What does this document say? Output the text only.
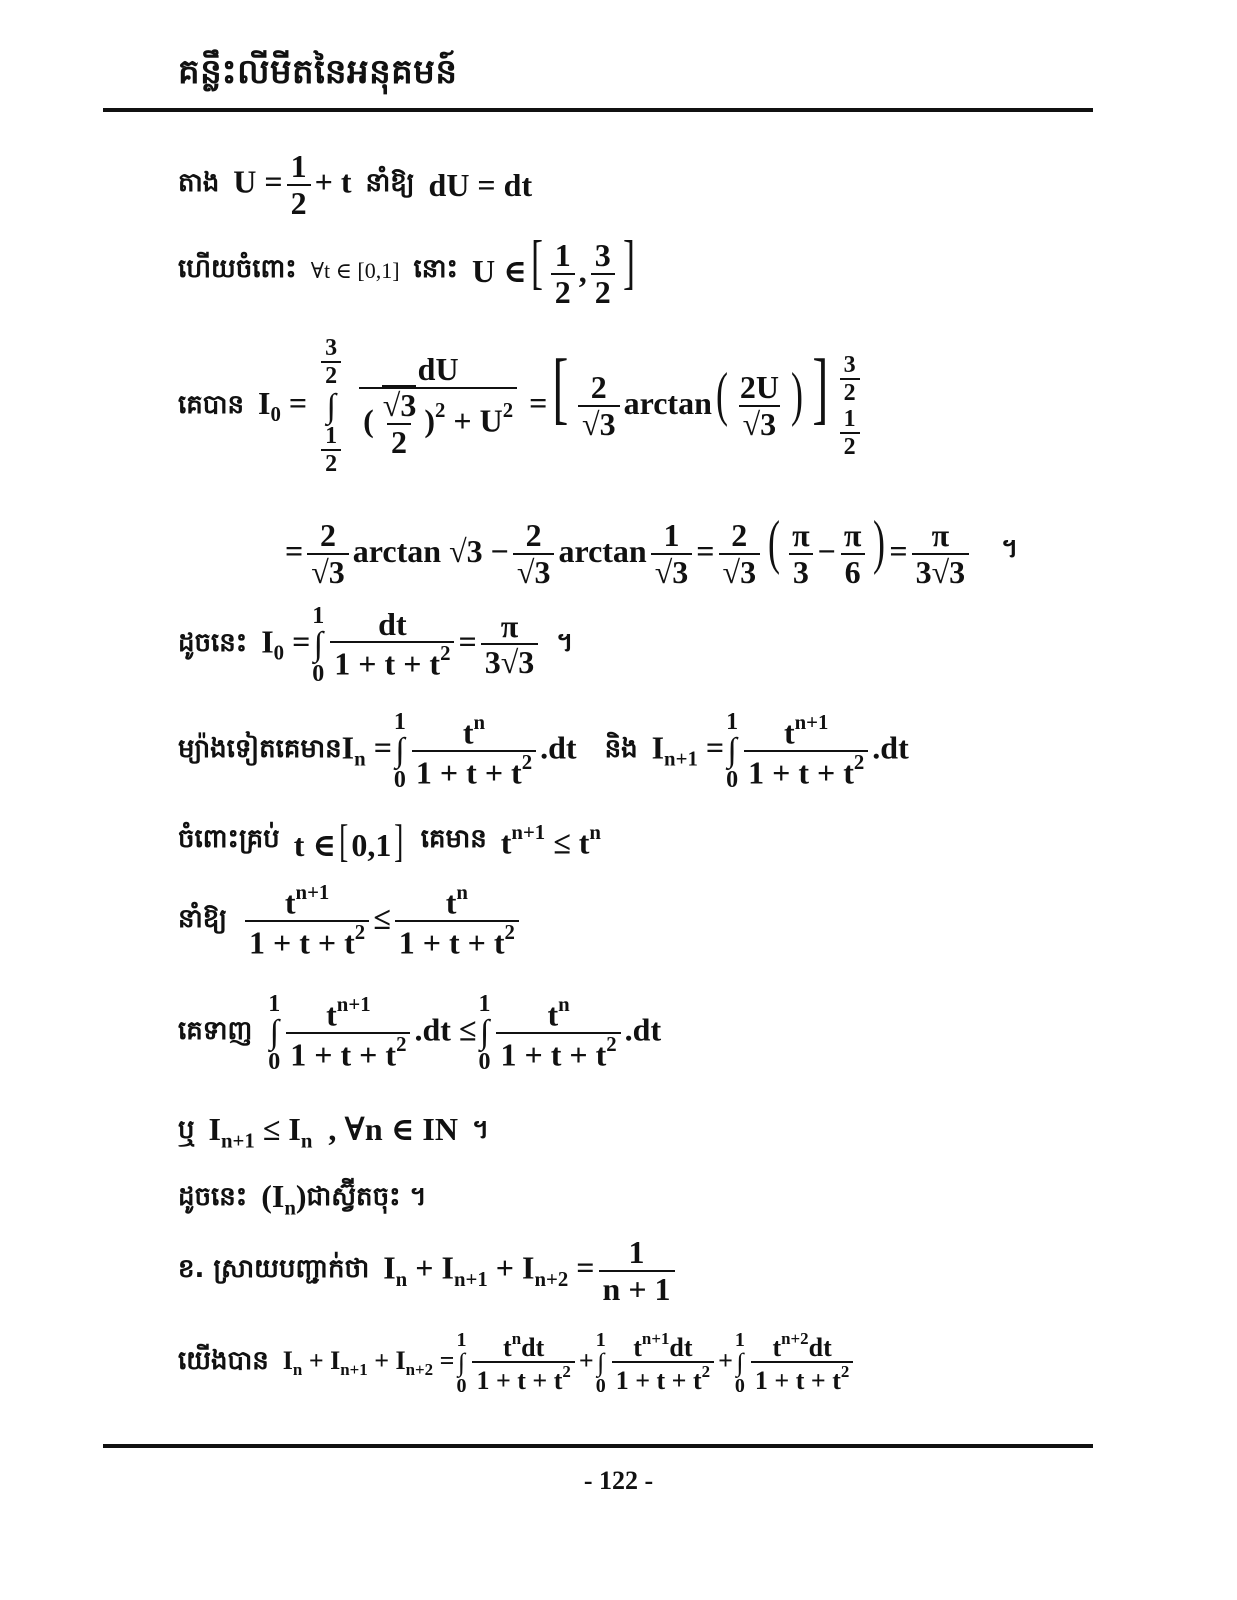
គន្លឹះលីមីតនៃអនុគមន៍
តាង $U = \frac{1}{2} + t$ នាំឱ្យ dU = dt
ហើយចំពោះ ∀t ∈ [0,1] នោះ U ∈[ $\frac{1}{2}$ , $\frac{3}{2}$ ]
គេបាន $I_0$ =
$\frac{3}{2}$
∫
$\frac{1}{2}$
$\frac{dU}{( \frac{√3}{2} )^2 + U^2}$ =[ $\frac{2}{√3} \arctan( \frac{2U}{√3}$ ) ] $\frac{3}{2}$
$\frac{1}{2}$
= $\frac{2}{√3}$ $\arctan √3 - \frac{2}{√3}$ $\arctan \frac{1}{√3} = \frac{2}{√3}$ ( $\frac{\pi}{3} - \frac{\pi}{6}$ ) = $\frac{\pi}{3√3}$ ។
ដូចនេះ $I_0$ =
1
∫
$0 \frac{dt}{1 + t + t^2} = \frac{\pi}{3√3}$ ។
ម្យ៉ាងទៀតគេមាន $I_n$ =
1
∫
$0 \frac{t^n}{1 + t + t^2} .dt$ និង $I_{n+1}$ =
1
∫
$0 \frac{t^{n+1}}{1 + t + t^2} .dt$
ចំពោះគ្រប់ t ∈[0,1] គេមាន $t^{n+1} \le t^n$
នាំឱ្យ $\frac{t^{n+1}}{1 + t + t^2} \le \frac{t^n}{1 + t + t^2}$
គេទាញ
1
∫
$0 \frac{t^{n+1}}{1 + t + t^2} .dt$ ≤
1
∫
$0 \frac{t^n}{1 + t + t^2} .dt$
ឬ $I_{n+1} \le I_n$  , ∀n ∈ IN ។
ដូចនេះ $(I_n)$ ជាស្វ៊ីតចុះ ។
ខ. ស្រាយបញ្ជាក់ថា $I_n + I_{n+1} + I_{n+2} = \frac{1}{n + 1}$
យើងបាន $I_n + I_{n+1} + I_{n+2}$ =
1
∫
$0 \frac{t^ndt}{1 + t + t^2}$ +
1
∫
$0 \frac{t^{n+1}dt}{1 + t + t^2}$ +
1
∫
$0 \frac{t^{n+2}dt}{1 + t + t^2}$
- 122 -
